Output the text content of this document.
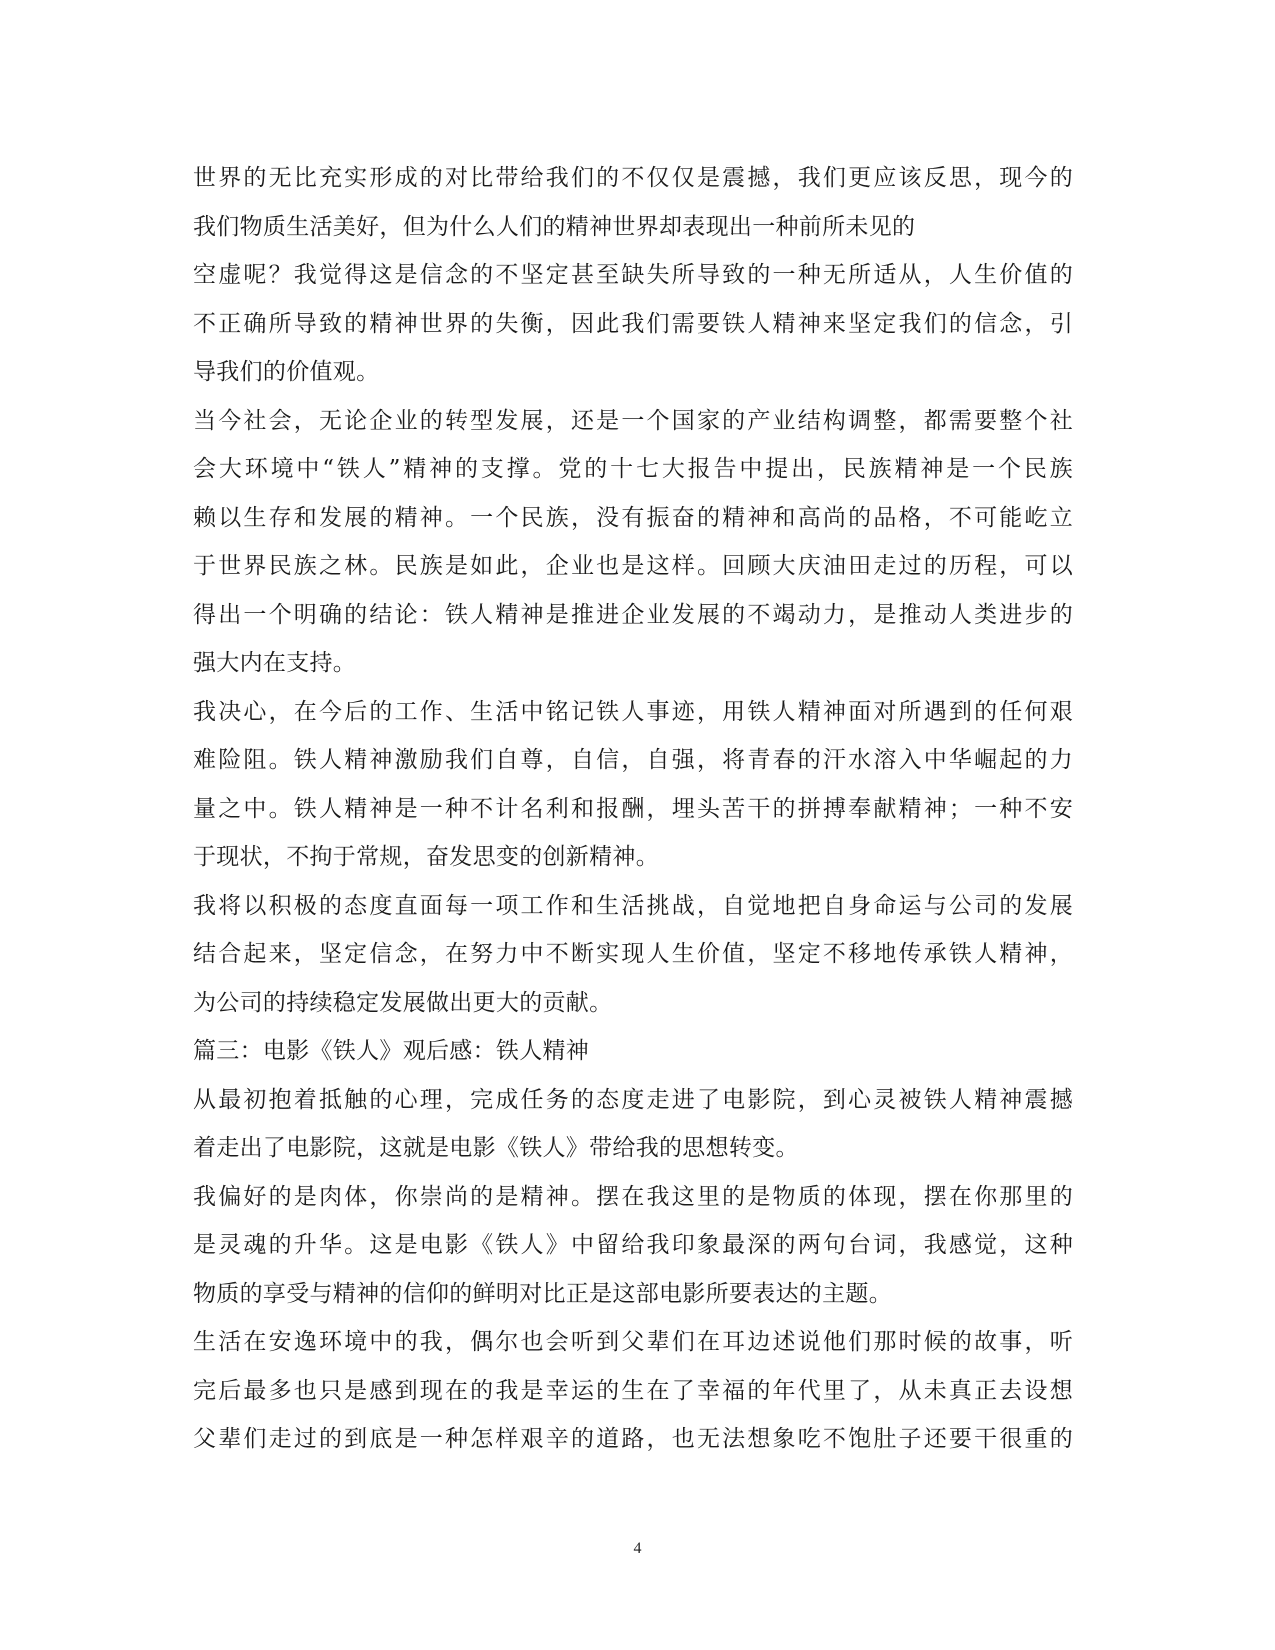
世界的无比充实形成的对比带给我们的不仅仅是震撼，我们更应该反思，现今的
我们物质生活美好，但为什么人们的精神世界却表现出一种前所未见的
空虚呢？我觉得这是信念的不坚定甚至缺失所导致的一种无所适从，人生价值的
不正确所导致的精神世界的失衡，因此我们需要铁人精神来坚定我们的信念，引
导我们的价值观。
当今社会，无论企业的转型发展，还是一个国家的产业结构调整，都需要整个社
会大环境中“铁人”精神的支撑。党的十七大报告中提出，民族精神是一个民族
赖以生存和发展的精神。一个民族，没有振奋的精神和高尚的品格，不可能屹立
于世界民族之林。民族是如此，企业也是这样。回顾大庆油田走过的历程，可以
得出一个明确的结论：铁人精神是推进企业发展的不竭动力，是推动人类进步的
强大内在支持。
我决心，在今后的工作、生活中铭记铁人事迹，用铁人精神面对所遇到的任何艰
难险阻。铁人精神激励我们自尊，自信，自强，将青春的汗水溶入中华崛起的力
量之中。铁人精神是一种不计名利和报酬，埋头苦干的拼搏奉献精神；一种不安
于现状，不拘于常规，奋发思变的创新精神。
我将以积极的态度直面每一项工作和生活挑战，自觉地把自身命运与公司的发展
结合起来，坚定信念，在努力中不断实现人生价值，坚定不移地传承铁人精神，
为公司的持续稳定发展做出更大的贡献。
篇三：电影《铁人》观后感：铁人精神
从最初抱着抵触的心理，完成任务的态度走进了电影院，到心灵被铁人精神震撼
着走出了电影院，这就是电影《铁人》带给我的思想转变。
我偏好的是肉体，你崇尚的是精神。摆在我这里的是物质的体现，摆在你那里的
是灵魂的升华。这是电影《铁人》中留给我印象最深的两句台词，我感觉，这种
物质的享受与精神的信仰的鲜明对比正是这部电影所要表达的主题。
生活在安逸环境中的我，偶尔也会听到父辈们在耳边述说他们那时候的故事，听
完后最多也只是感到现在的我是幸运的生在了幸福的年代里了，从未真正去设想
父辈们走过的到底是一种怎样艰辛的道路，也无法想象吃不饱肚子还要干很重的
4
